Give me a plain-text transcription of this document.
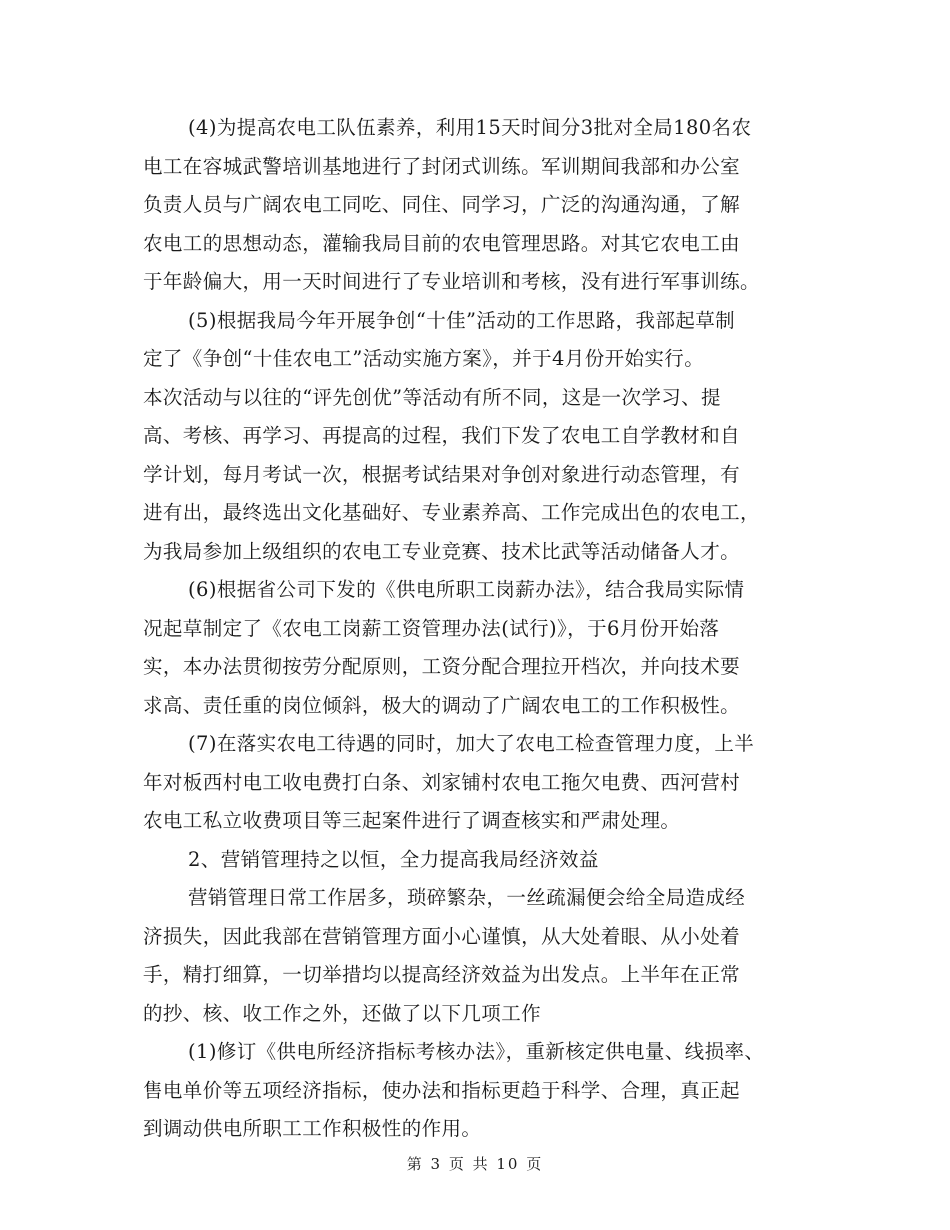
(4)为提高农电工队伍素养，利用15天时间分3批对全局180名农
电工在容城武警培训基地进行了封闭式训练。军训期间我部和办公室
负责人员与广阔农电工同吃、同住、同学习，广泛的沟通沟通，了解
农电工的思想动态，灌输我局目前的农电管理思路。对其它农电工由
于年龄偏大，用一天时间进行了专业培训和考核，没有进行军事训练。
(5)根据我局今年开展争创“十佳”活动的工作思路，我部起草制
定了《争创“十佳农电工”活动实施方案》，并于4月份开始实行。
本次活动与以往的“评先创优”等活动有所不同，这是一次学习、提
高、考核、再学习、再提高的过程，我们下发了农电工自学教材和自
学计划，每月考试一次，根据考试结果对争创对象进行动态管理，有
进有出，最终选出文化基础好、专业素养高、工作完成出色的农电工，
为我局参加上级组织的农电工专业竞赛、技术比武等活动储备人才。
(6)根据省公司下发的《供电所职工岗薪办法》，结合我局实际情
况起草制定了《农电工岗薪工资管理办法(试行)》，于6月份开始落
实，本办法贯彻按劳分配原则，工资分配合理拉开档次，并向技术要
求高、责任重的岗位倾斜，极大的调动了广阔农电工的工作积极性。
(7)在落实农电工待遇的同时，加大了农电工检查管理力度，上半
年对板西村电工收电费打白条、刘家铺村农电工拖欠电费、西河营村
农电工私立收费项目等三起案件进行了调查核实和严肃处理。
2、营销管理持之以恒，全力提高我局经济效益
营销管理日常工作居多，琐碎繁杂，一丝疏漏便会给全局造成经
济损失，因此我部在营销管理方面小心谨慎，从大处着眼、从小处着
手，精打细算，一切举措均以提高经济效益为出发点。上半年在正常
的抄、核、收工作之外，还做了以下几项工作
(1)修订《供电所经济指标考核办法》，重新核定供电量、线损率、
售电单价等五项经济指标，使办法和指标更趋于科学、合理，真正起
到调动供电所职工工作积极性的作用。
第 3 页 共 10 页
